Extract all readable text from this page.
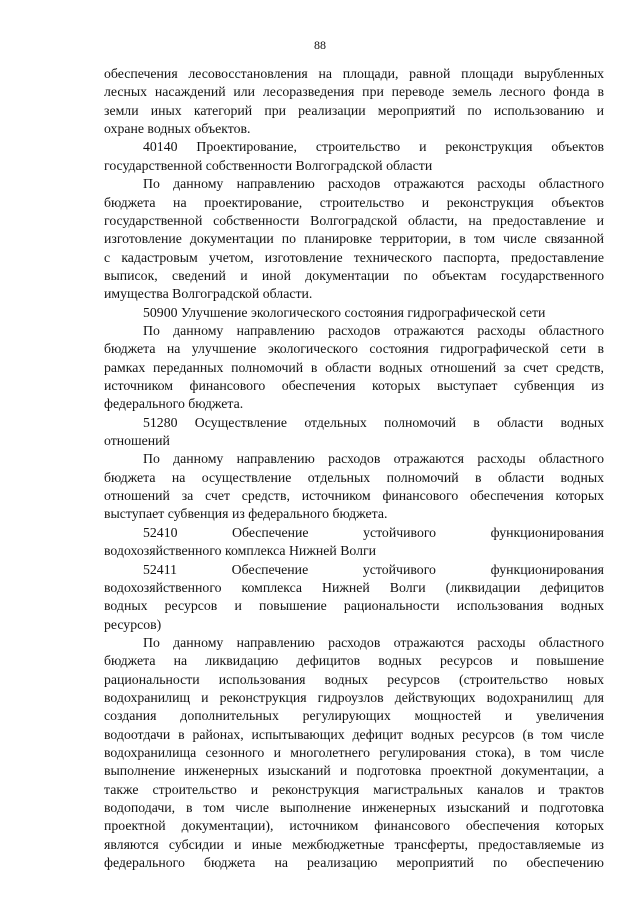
88
обеспечения лесовосстановления на площади, равной площади вырубленных
лесных насаждений или лесоразведения при переводе земель лесного фонда в
земли иных категорий при реализации мероприятий по использованию и
охране водных объектов.
40140 Проектирование, строительство и реконструкция объектов
государственной собственности Волгоградской области
По данному направлению расходов отражаются расходы областного
бюджета на проектирование, строительство и реконструкция объектов
государственной собственности Волгоградской области, на предоставление и
изготовление документации по планировке территории, в том числе связанной
с кадастровым учетом, изготовление технического паспорта, предоставление
выписок, сведений и иной документации по объектам государственного
имущества Волгоградской области.
50900 Улучшение экологического состояния гидрографической сети
По данному направлению расходов отражаются расходы областного
бюджета на улучшение экологического состояния гидрографической сети в
рамках переданных полномочий в области водных отношений за счет средств,
источником финансового обеспечения которых выступает субвенция из
федерального бюджета.
51280 Осуществление отдельных полномочий в области водных
отношений
По данному направлению расходов отражаются расходы областного
бюджета на осуществление отдельных полномочий в области водных
отношений за счет средств, источником финансового обеспечения которых
выступает субвенция из федерального бюджета.
52410 Обеспечение устойчивого функционирования
водохозяйственного комплекса Нижней Волги
52411 Обеспечение устойчивого функционирования
водохозяйственного комплекса Нижней Волги (ликвидации дефицитов
водных ресурсов и повышение рациональности использования водных
ресурсов)
По данному направлению расходов отражаются расходы областного
бюджета на ликвидацию дефицитов водных ресурсов и повышение
рациональности использования водных ресурсов (строительство новых
водохранилищ и реконструкция гидроузлов действующих водохранилищ для
создания дополнительных регулирующих мощностей и увеличения
водоотдачи в районах, испытывающих дефицит водных ресурсов (в том числе
водохранилища сезонного и многолетнего регулирования стока), в том числе
выполнение инженерных изысканий и подготовка проектной документации, а
также строительство и реконструкция магистральных каналов и трактов
водоподачи, в том числе выполнение инженерных изысканий и подготовка
проектной документации), источником финансового обеспечения которых
являются субсидии и иные межбюджетные трансферты, предоставляемые из
федерального бюджета на реализацию мероприятий по обеспечению
